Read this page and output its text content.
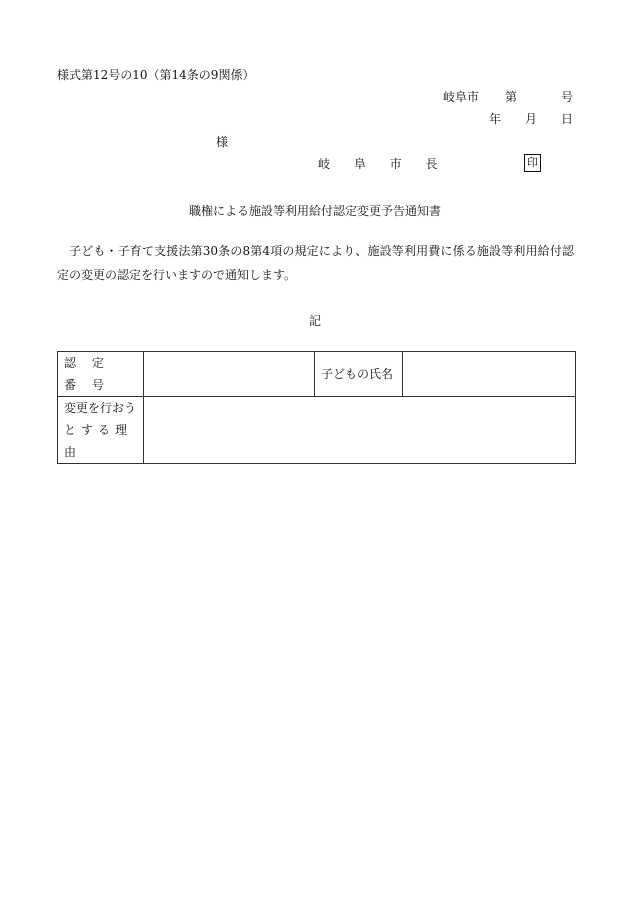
様式第12号の10（第14条の9関係）
岐阜市 第	号
年 月 日
様
岐 阜 市 長	印
職権による施設等利用給付認定変更予告通知書
子ども・子育て支援法第30条の8第4項の規定により、施設等利用費に係る施設等利用給付認定の変更の認定を行いますので通知します。
記
認 定 番 号		子どもの氏名	

変更を行おう
とする理由			
